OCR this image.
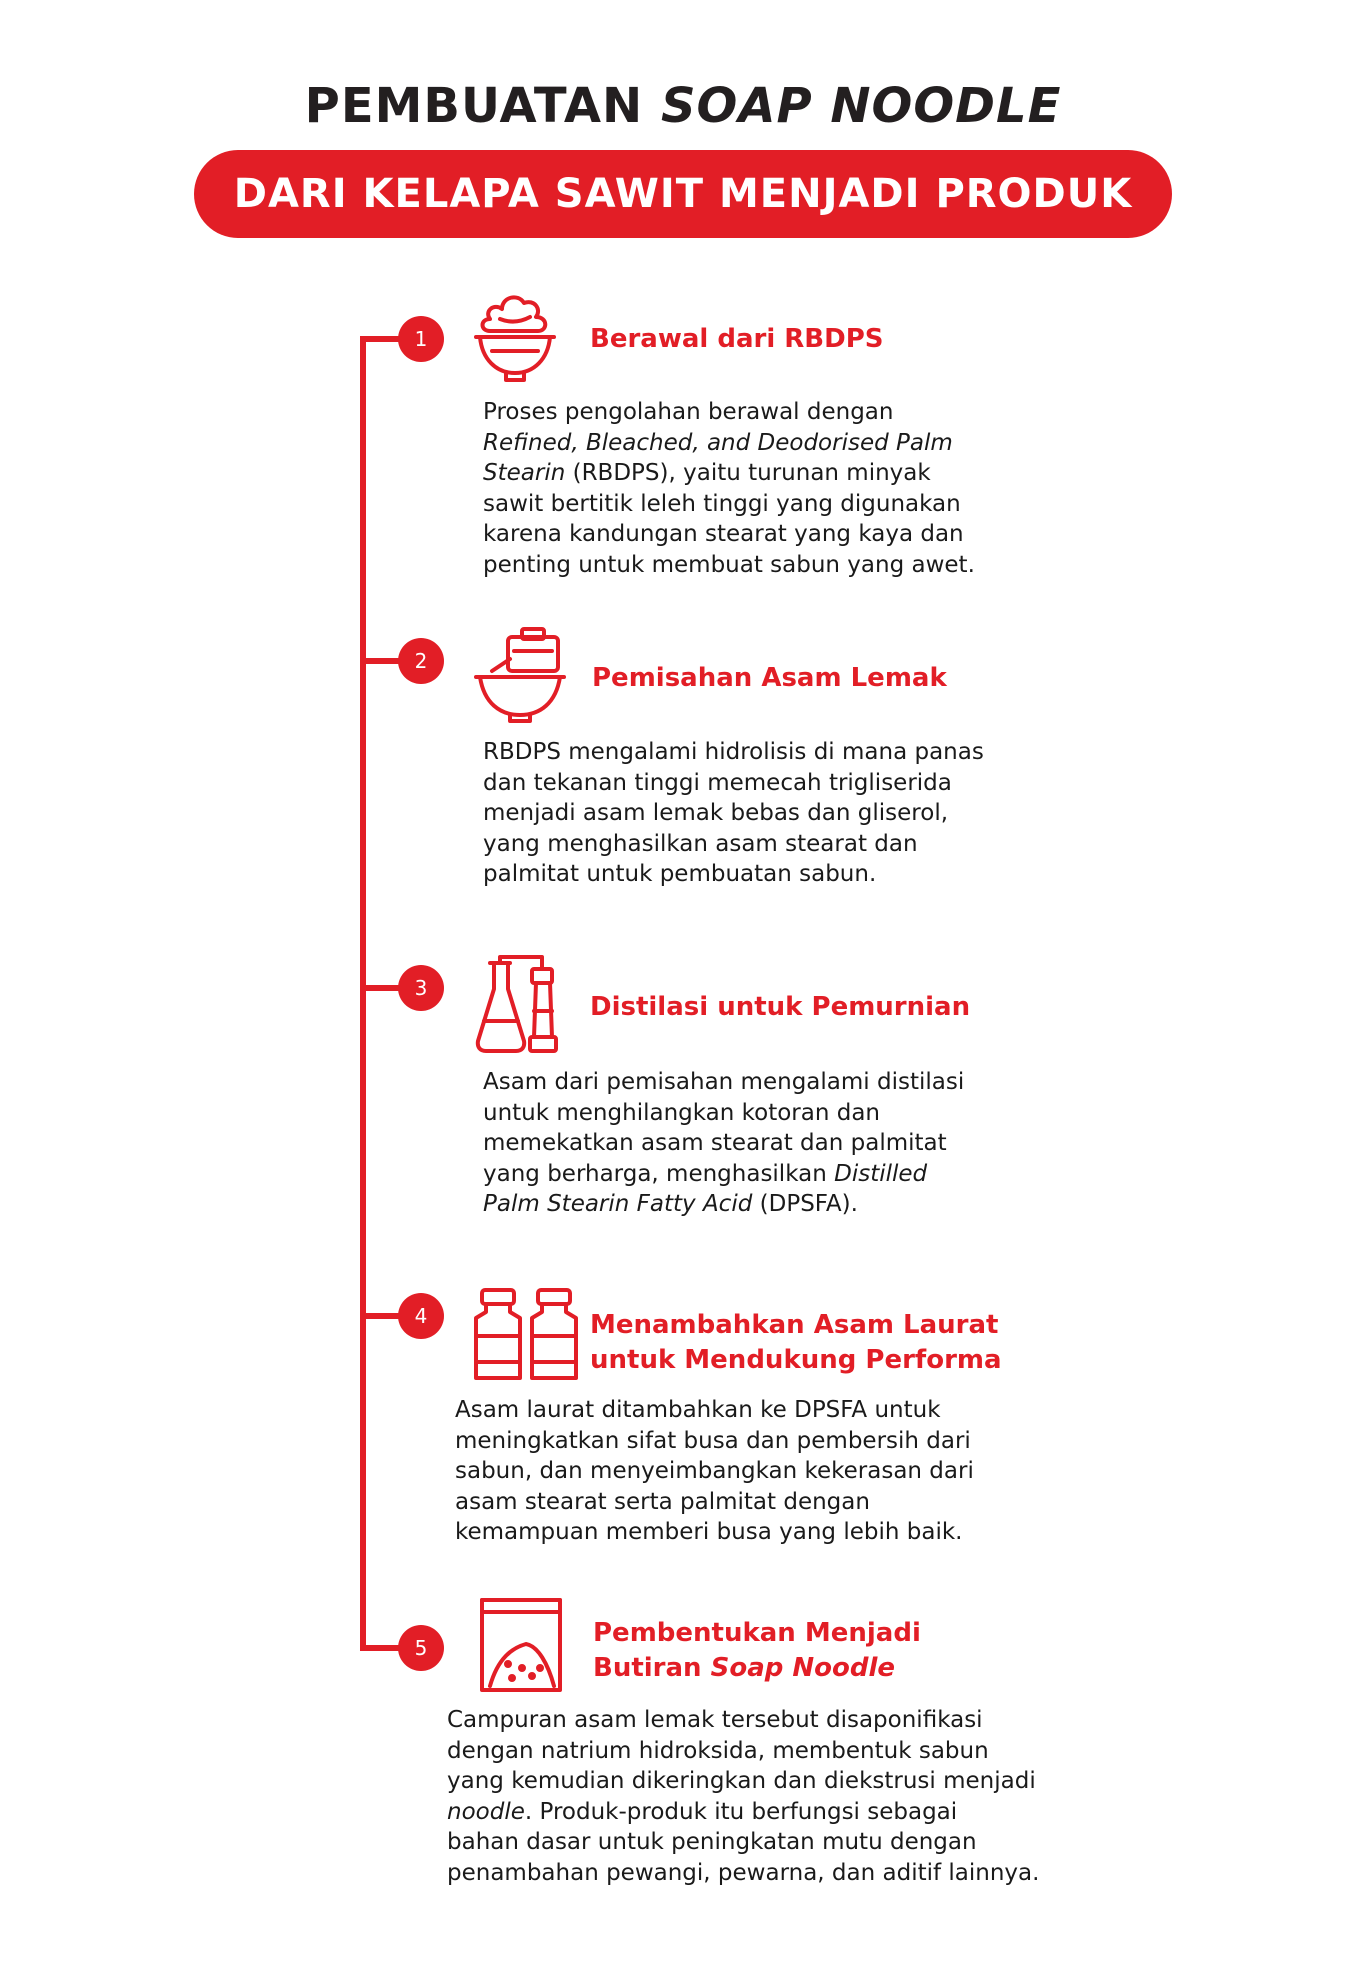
PEMBUATAN SOAP NOODLE
DARI KELAPA SAWIT MENJADI PRODUK
1	Berawal dari RBDPS
Proses pengolahan berawal dengan
Refined, Bleached, and Deodorised Palm
Stearin (RBDPS), yaitu turunan minyak
sawit bertitik leleh tinggi yang digunakan
karena kandungan stearat yang kaya dan
penting untuk membuat sabun yang awet.
2
Pemisahan Asam Lemak
RBDPS mengalami hidrolisis di mana panas
dan tekanan tinggi memecah trigliserida
menjadi asam lemak bebas dan gliserol,
yang menghasilkan asam stearat dan
palmitat untuk pembuatan sabun.
3
Distilasi untuk Pemurnian
Asam dari pemisahan mengalami distilasi
untuk menghilangkan kotoran dan
memekatkan asam stearat dan palmitat
yang berharga, menghasilkan Distilled
Palm Stearin Fatty Acid (DPSFA).
4	Menambahkan Asam Laurat
untuk Mendukung Performa
Asam laurat ditambahkan ke DPSFA untuk
meningkatkan sifat busa dan pembersih dari
sabun, dan menyeimbangkan kekerasan dari
asam stearat serta palmitat dengan
kemampuan memberi busa yang lebih baik.
5	Pembentukan Menjadi
Butiran Soap Noodle
Campuran asam lemak tersebut disaponifikasi
dengan natrium hidroksida, membentuk sabun
yang kemudian dikeringkan dan diekstrusi menjadi
noodle. Produk-produk itu berfungsi sebagai
bahan dasar untuk peningkatan mutu dengan
penambahan pewangi, pewarna, dan aditif lainnya.
